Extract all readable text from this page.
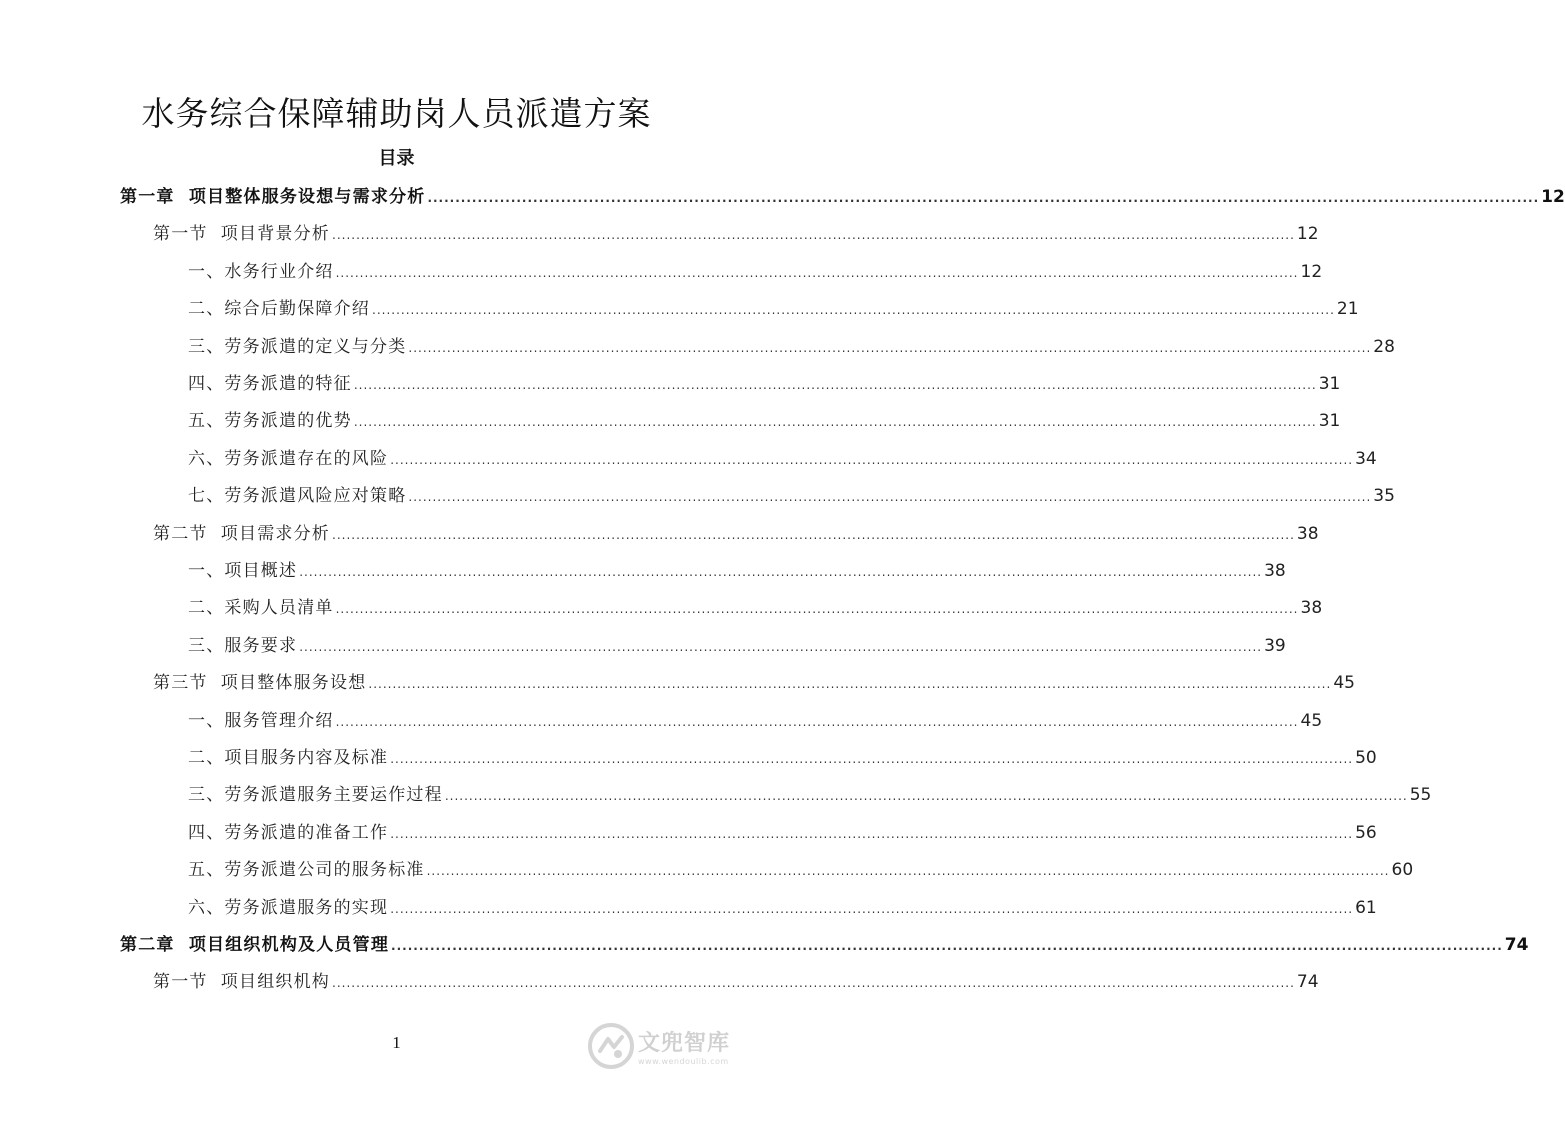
水务综合保障辅助岗人员派遣方案
目录
第一章  项目整体服务设想与需求分析 ........................................................................................................................................................................................................ 12
第一节  项目背景分析 ........................................................................................................................................................................................................ 12
一、水务行业介绍 ........................................................................................................................................................................................................ 12
二、综合后勤保障介绍 ........................................................................................................................................................................................................ 21
三、劳务派遣的定义与分类 ........................................................................................................................................................................................................ 28
四、劳务派遣的特征 ........................................................................................................................................................................................................ 31
五、劳务派遣的优势 ........................................................................................................................................................................................................ 31
六、劳务派遣存在的风险 ........................................................................................................................................................................................................ 34
七、劳务派遣风险应对策略 ........................................................................................................................................................................................................ 35
第二节  项目需求分析 ........................................................................................................................................................................................................ 38
一、项目概述 ........................................................................................................................................................................................................ 38
二、采购人员清单 ........................................................................................................................................................................................................ 38
三、服务要求 ........................................................................................................................................................................................................ 39
第三节  项目整体服务设想 ........................................................................................................................................................................................................ 45
一、服务管理介绍 ........................................................................................................................................................................................................ 45
二、项目服务内容及标准 ........................................................................................................................................................................................................ 50
三、劳务派遣服务主要运作过程 ........................................................................................................................................................................................................ 55
四、劳务派遣的准备工作 ........................................................................................................................................................................................................ 56
五、劳务派遣公司的服务标准 ........................................................................................................................................................................................................ 60
六、劳务派遣服务的实现 ........................................................................................................................................................................................................ 61
第二章  项目组织机构及人员管理 ........................................................................................................................................................................................................ 74
第一节  项目组织机构 ........................................................................................................................................................................................................ 74
1	文兜智库
www.wendoulib.com
